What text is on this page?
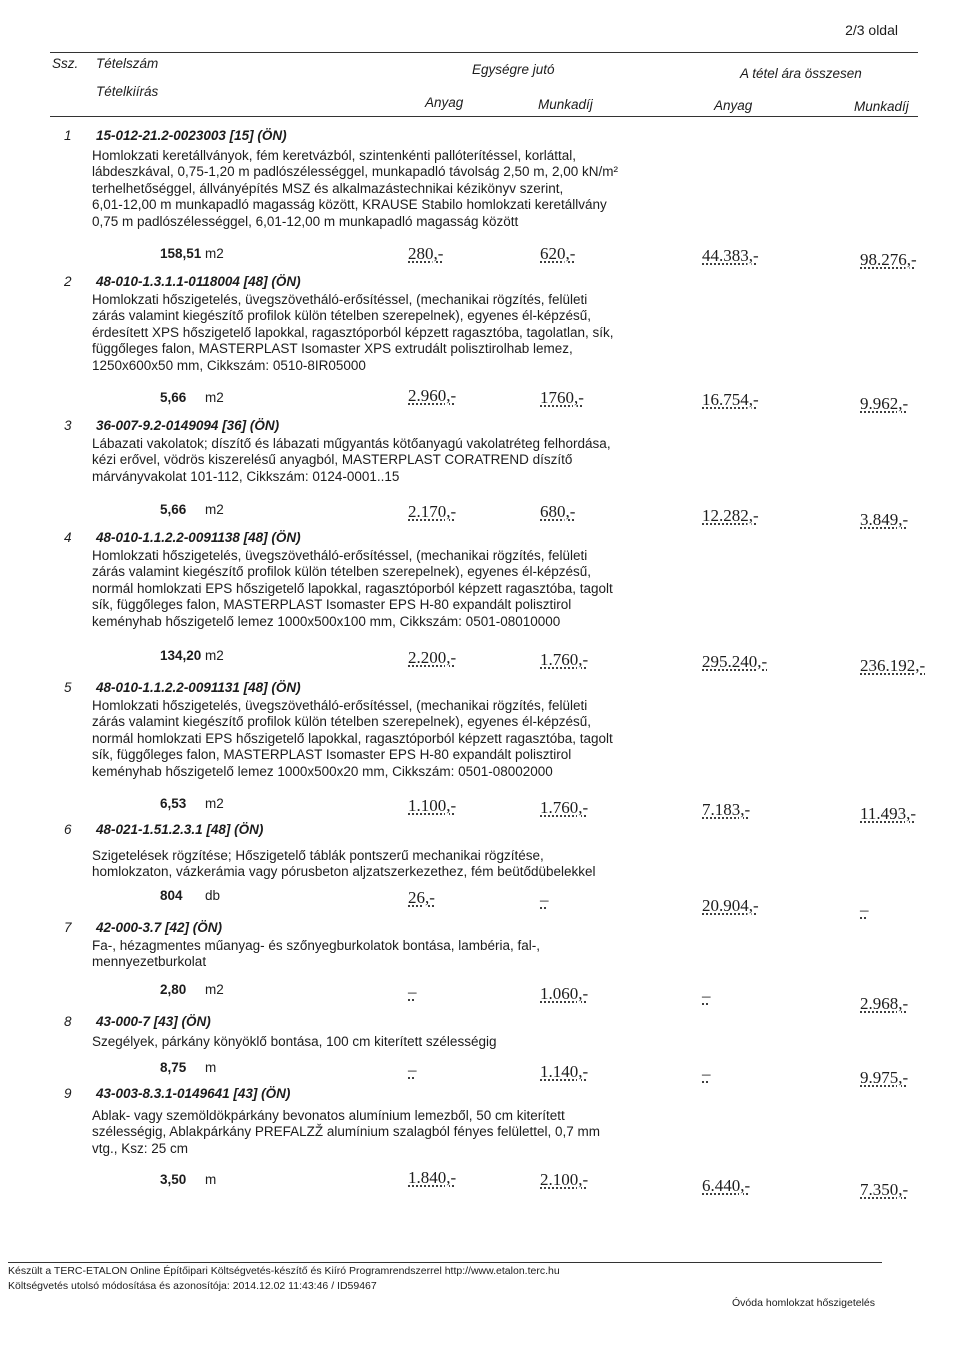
2/3 oldal
Ssz. Tételszám
Tételkiírás
Egységre jutó	A tétel ára összesen
Anyag	Munkadíj	Anyag	Munkadíj
1 15-012-21.2-0023003 [15] (ÖN)
Homlokzati keretállványok, fém keretvázból, szintenkénti pallóterítéssel, korláttal,
lábdeszkával, 0,75-1,20 m padlószélességgel, munkapadló távolság 2,50 m, 2,00 kN/m²
terhelhetőséggel, állványépítés MSZ és alkalmazástechnikai kézikönyv szerint,
6,01-12,00 m munkapadló magasság között, KRAUSE Stabilo homlokzati keretállvány
0,75 m padlószélességgel, 6,01-12,00 m munkapadló magasság között
158,51 m2	280,-	620,-	44.383,-	98.276,-
2 48-010-1.3.1.1-0118004 [48] (ÖN)
Homlokzati hőszigetelés, üvegszövetháló-erősítéssel, (mechanikai rögzítés, felületi
zárás valamint kiegészítő profilok külön tételben szerepelnek), egyenes él-képzésű,
érdesített XPS hőszigetelő lapokkal, ragasztóporból képzett ragasztóba, tagolatlan, sík,
függőleges falon, MASTERPLAST Isomaster XPS extrudált polisztirolhab lemez,
1250x600x50 mm, Cikkszám: 0510-8IR05000
5,66 m2	2.960,-	1760,-	16.754,-	9.962,-
3 36-007-9.2-0149094 [36] (ÖN)
Lábazati vakolatok; díszítő és lábazati műgyantás kötőanyagú vakolatréteg felhordása,
kézi erővel, vödrös kiszerelésű anyagból, MASTERPLAST CORATREND díszítő
márványvakolat 101-112, Cikkszám: 0124-0001..15
5,66 m2	2.170,-	680,-	12.282,-	3.849,-
4 48-010-1.1.2.2-0091138 [48] (ÖN)
Homlokzati hőszigetelés, üvegszövetháló-erősítéssel, (mechanikai rögzítés, felületi
zárás valamint kiegészítő profilok külön tételben szerepelnek), egyenes él-képzésű,
normál homlokzati EPS hőszigetelő lapokkal, ragasztóporból képzett ragasztóba, tagolt
sík, függőleges falon, MASTERPLAST Isomaster EPS H-80 expandált polisztirol
keményhab hőszigetelő lemez 1000x500x100 mm, Cikkszám: 0501-08010000
134,20 m2	2.200,-	1.760,-	295.240,-	236.192,-
5 48-010-1.1.2.2-0091131 [48] (ÖN)
Homlokzati hőszigetelés, üvegszövetháló-erősítéssel, (mechanikai rögzítés, felületi
zárás valamint kiegészítő profilok külön tételben szerepelnek), egyenes él-képzésű,
normál homlokzati EPS hőszigetelő lapokkal, ragasztóporból képzett ragasztóba, tagolt
sík, függőleges falon, MASTERPLAST Isomaster EPS H-80 expandált polisztirol
keményhab hőszigetelő lemez 1000x500x20 mm, Cikkszám: 0501-08002000
6,53 m2	1.100,-	1.760,-	7.183,-	11.493,-
6 48-021-1.51.2.3.1 [48] (ÖN)
Szigetelések rögzítése; Hőszigetelő táblák pontszerű mechanikai rögzítése,
homlokzaton, vázkerámia vagy pórusbeton aljzatszerkezethez, fém beütődübelekkel
804 db	26,-	–	20.904,-	–
7 42-000-3.7 [42] (ÖN)
Fa-, hézagmentes műanyag- és szőnyegburkolatok bontása, lambéria, fal-,
mennyezetburkolat
2,80 m2	–	1.060,-	–	2.968,-
8 43-000-7 [43] (ÖN)
Szegélyek, párkány könyöklő bontása, 100 cm kiterített szélességig
8,75 m	–	1.140,-	–	9.975,-
9 43-003-8.3.1-0149641 [43] (ÖN)
Ablak- vagy szemöldökpárkány bevonatos alumínium lemezből, 50 cm kiterített
szélességig, Ablakpárkány PREFALZŽ alumínium szalagból fényes felülettel, 0,7 mm
vtg., Ksz: 25 cm
3,50 m	1.840,-	2.100,-	6.440,-	7.350,-
Készült a TERC-ETALON Online Építőipari Költségvetés-készítő és Kiíró Programrendszerrel http://www.etalon.terc.hu
Költségvetés utolsó módosítása és azonosítója: 2014.12.02 11:43:46 / ID59467
Óvóda homlokzat hőszigetelés
